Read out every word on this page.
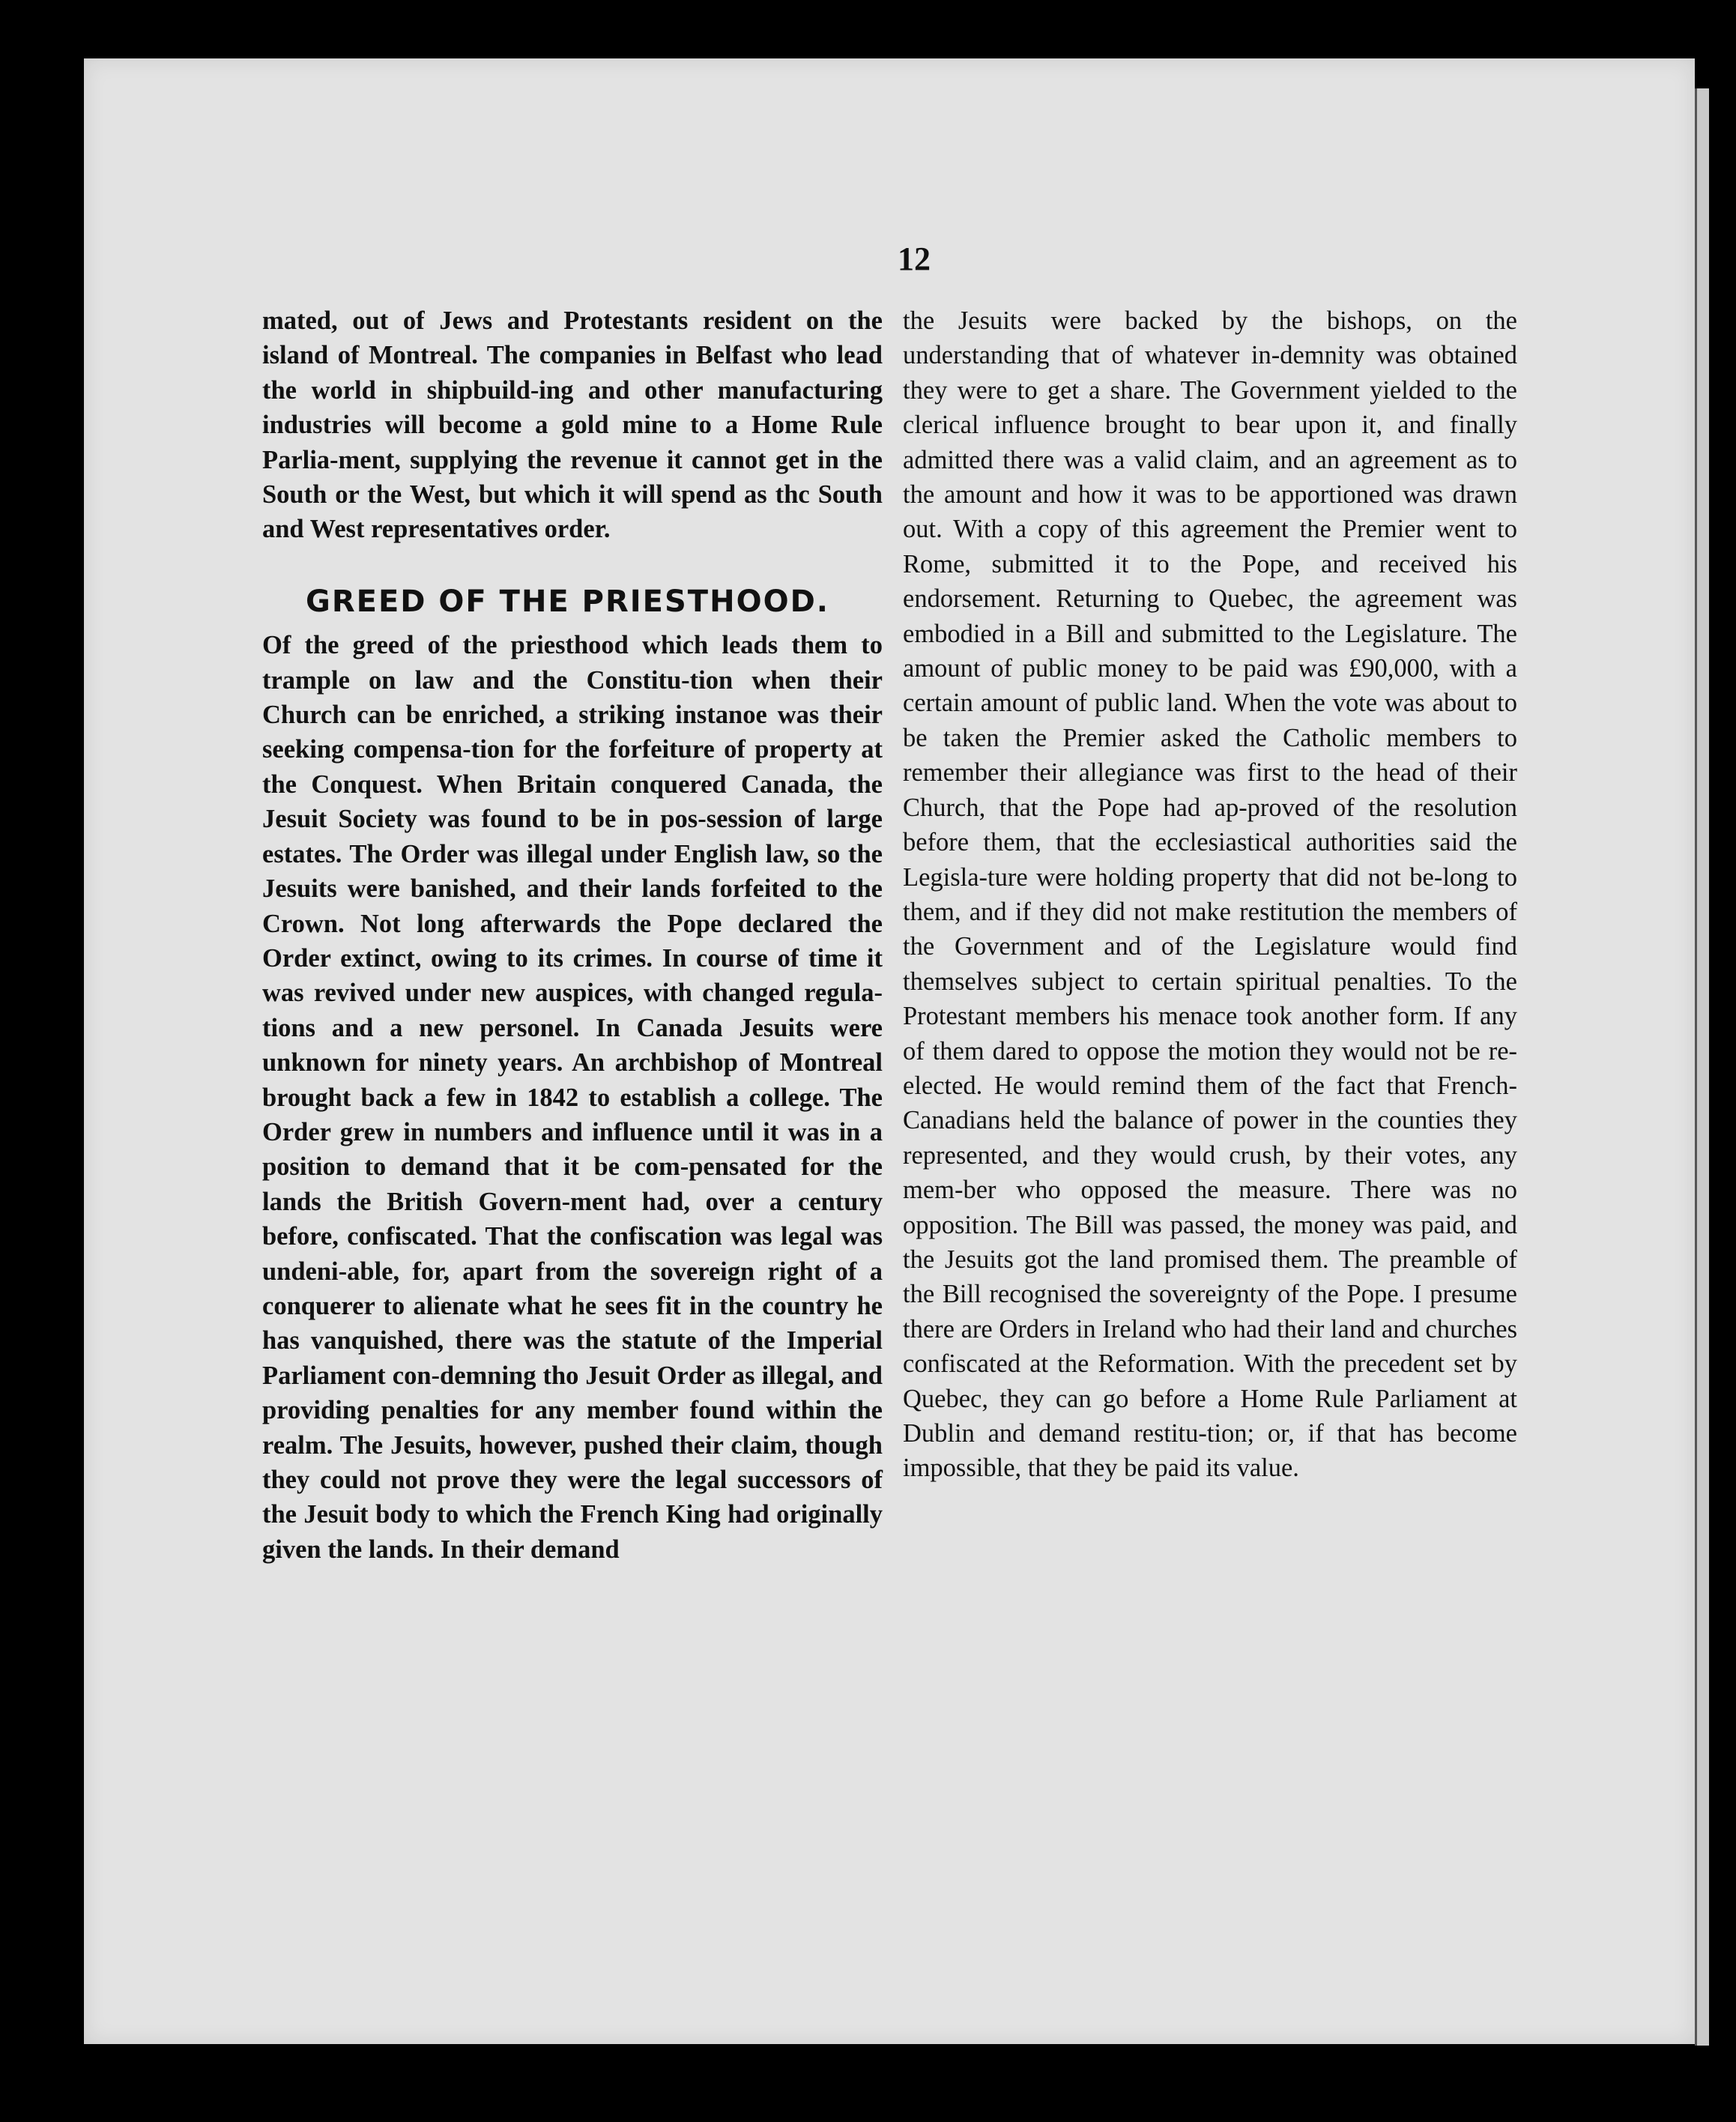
12

mated, out of Jews and Protestants resident on the island of Montreal. The companies in Belfast who lead the world in shipbuild-ing and other manufacturing industries will become a gold mine to a Home Rule Parlia-ment, supplying the revenue it cannot get in the South or the West, but which it will spend as thc South and West representatives order.

GREED OF THE PRIESTHOOD.

Of the greed of the priesthood which leads them to trample on law and the Constitu-tion when their Church can be enriched, a striking instanoe was their seeking compensa-tion for the forfeiture of property at the Conquest. When Britain conquered Canada, the Jesuit Society was found to be in pos-session of large estates. The Order was illegal under English law, so the Jesuits were banished, and their lands forfeited to the Crown. Not long afterwards the Pope declared the Order extinct, owing to its crimes. In course of time it was revived under new auspices, with changed regula-tions and a new personel. In Canada Jesuits were unknown for ninety years. An archbishop of Montreal brought back a few in 1842 to establish a college. The Order grew in numbers and influence until it was in a position to demand that it be com-pensated for the lands the British Govern-ment had, over a century before, confiscated. That the confiscation was legal was undeni-able, for, apart from the sovereign right of a conquerer to alienate what he sees fit in the country he has vanquished, there was the statute of the Imperial Parliament con-demning tho Jesuit Order as illegal, and providing penalties for any member found within the realm. The Jesuits, however, pushed their claim, though they could not prove they were the legal successors of the Jesuit body to which the French King had originally given the lands. In their demand

the Jesuits were backed by the bishops, on the understanding that of whatever in-demnity was obtained they were to get a share. The Government yielded to the clerical influence brought to bear upon it, and finally admitted there was a valid claim, and an agreement as to the amount and how it was to be apportioned was drawn out. With a copy of this agreement the Premier went to Rome, submitted it to the Pope, and received his endorsement. Returning to Quebec, the agreement was embodied in a Bill and submitted to the Legislature. The amount of public money to be paid was £90,000, with a certain amount of public land. When the vote was about to be taken the Premier asked the Catholic members to remember their allegiance was first to the head of their Church, that the Pope had ap-proved of the resolution before them, that the ecclesiastical authorities said the Legisla-ture were holding property that did not be-long to them, and if they did not make restitution the members of the Government and of the Legislature would find themselves subject to certain spiritual penalties. To the Protestant members his menace took another form. If any of them dared to oppose the motion they would not be re-elected. He would remind them of the fact that French-Canadians held the balance of power in the counties they represented, and they would crush, by their votes, any mem-ber who opposed the measure. There was no opposition. The Bill was passed, the money was paid, and the Jesuits got the land promised them. The preamble of the Bill recognised the sovereignty of the Pope. I presume there are Orders in Ireland who had their land and churches confiscated at the Reformation. With the precedent set by Quebec, they can go before a Home Rule Parliament at Dublin and demand restitu-tion; or, if that has become impossible, that they be paid its value.
